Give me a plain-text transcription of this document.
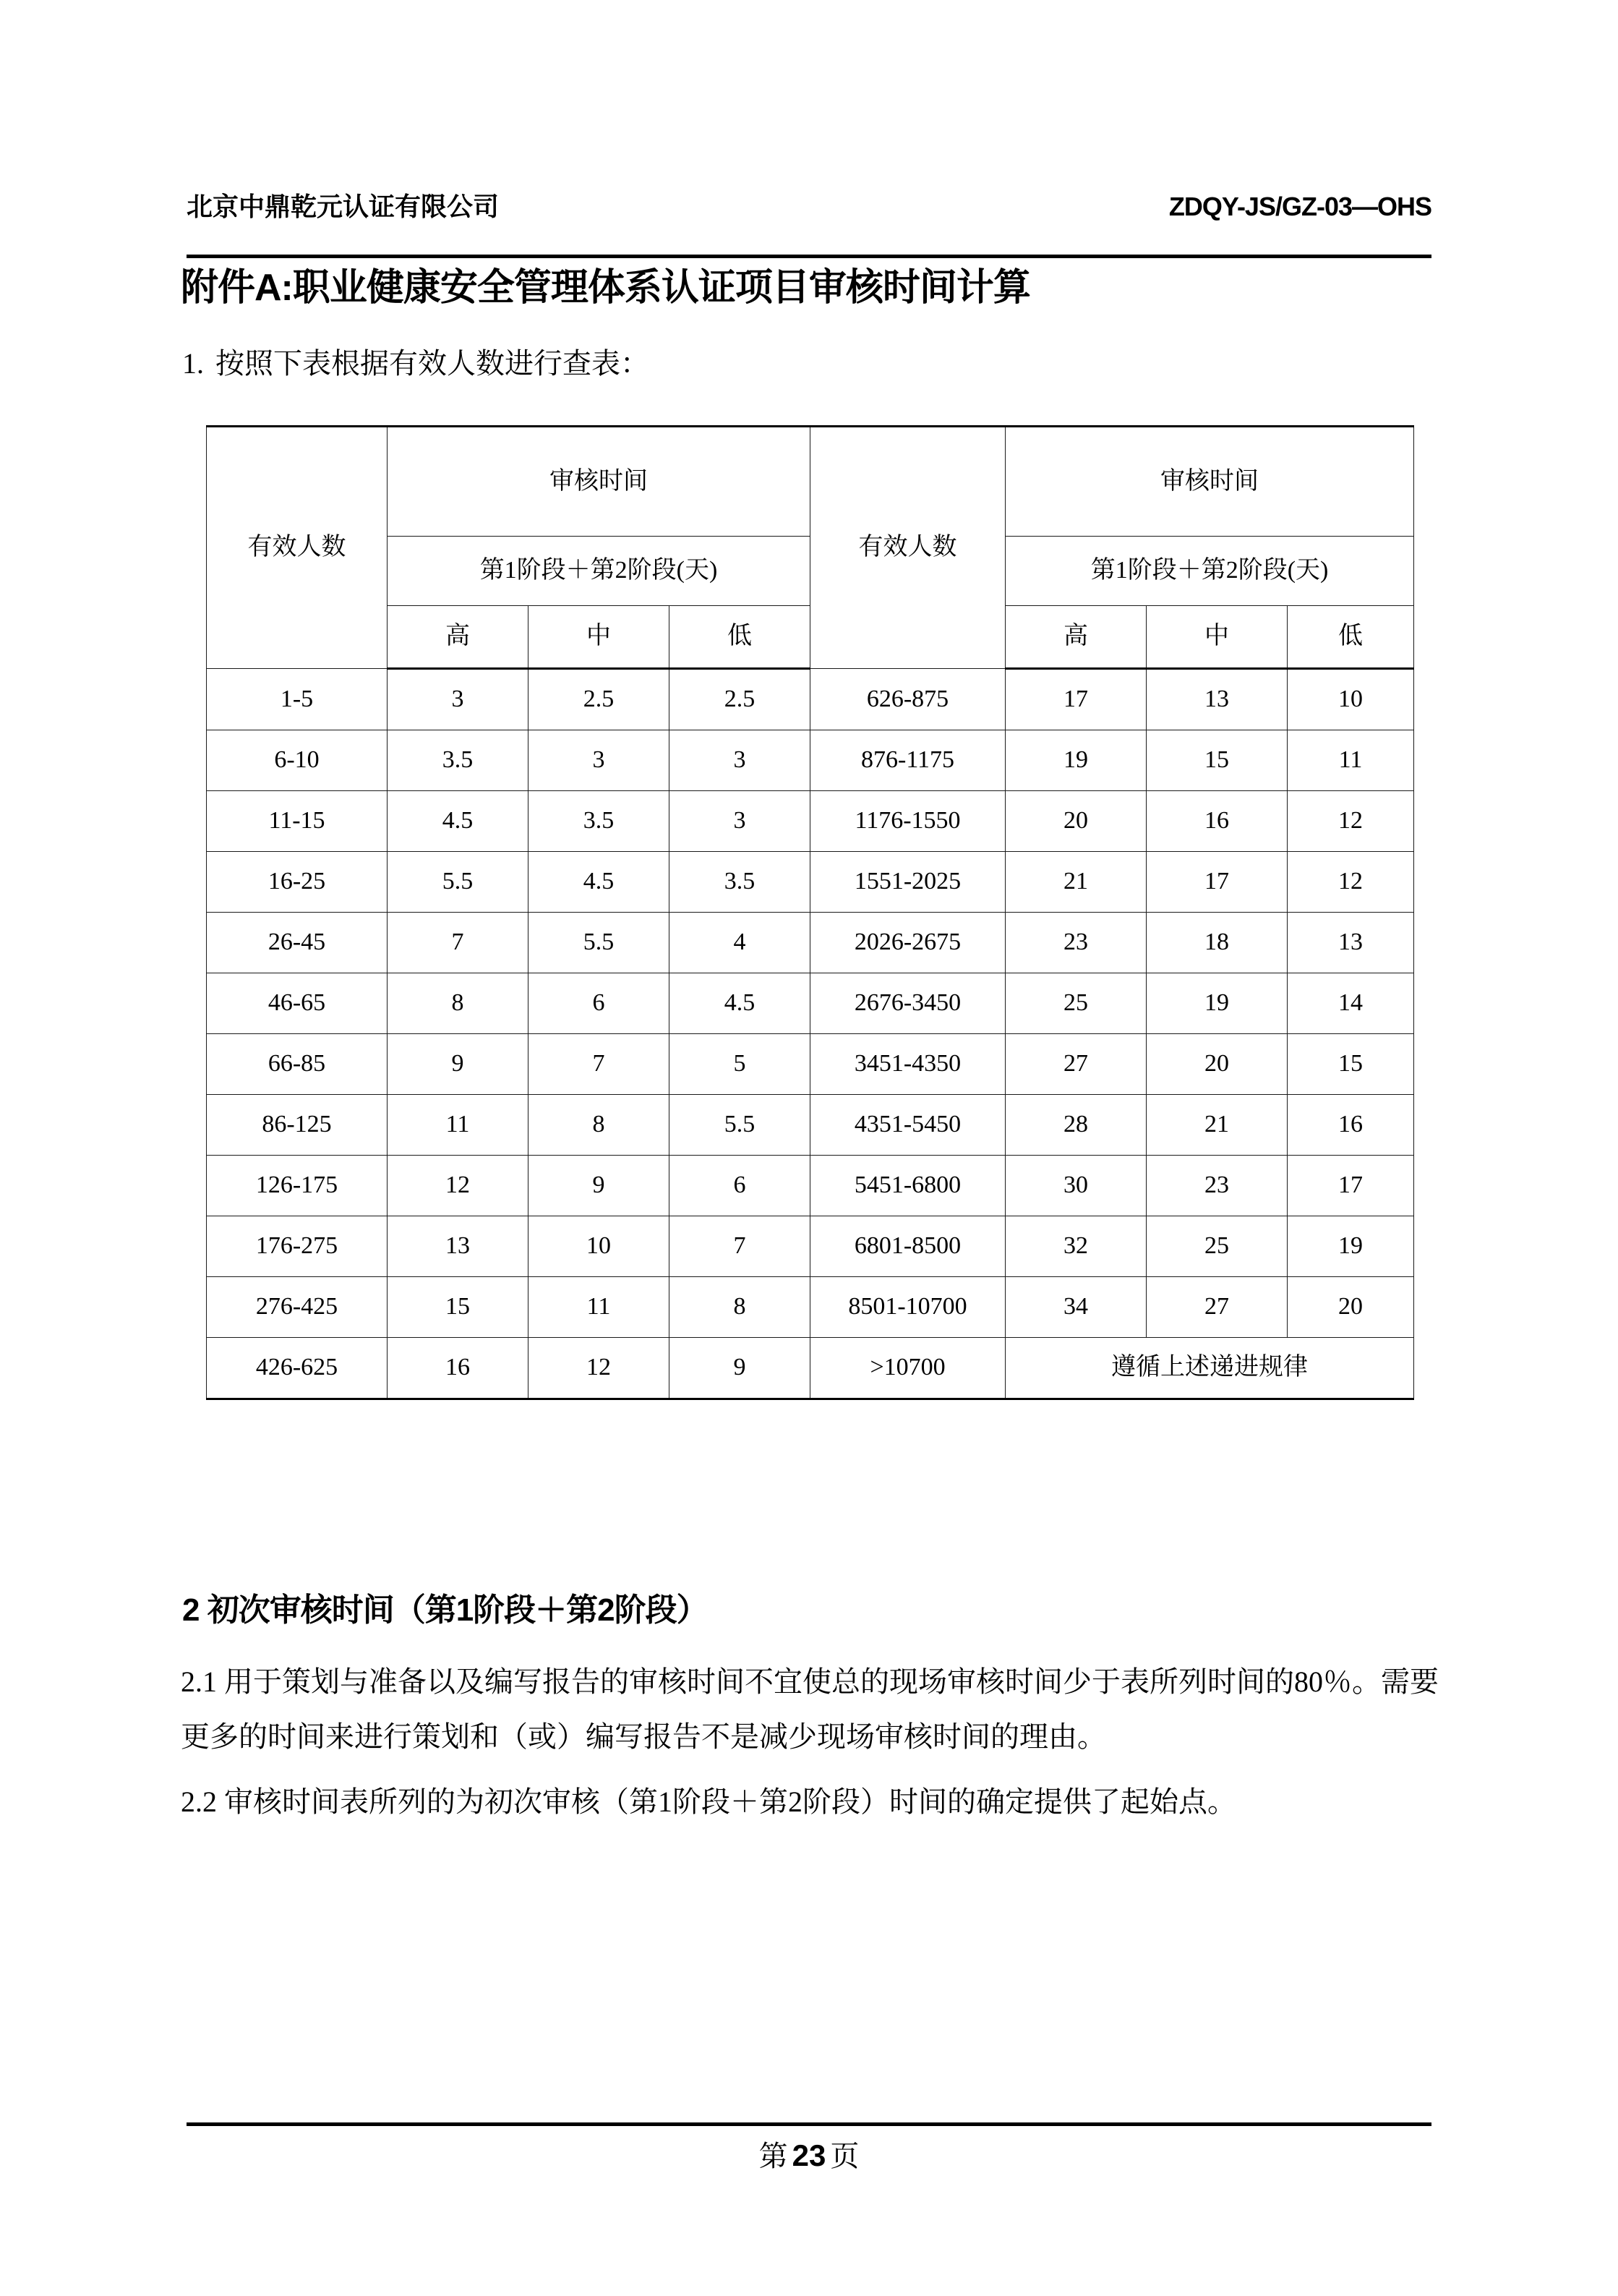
北京中鼎乾元认证有限公司	ZDQY-JS/GZ-03—OHS
附件A:职业健康安全管理体系认证项目审核时间计算
1. 按照下表根据有效人数进行查表：
有效人数	审核时间			有效人数	审核时间		
	第1阶段＋第2阶段(天)				第1阶段＋第2阶段(天)		
	高	中	低		高	中	低
1-5	3	2.5	2.5	626-875	17	13	10
6-10	3.5	3	3	876-1175	19	15	11
11-15	4.5	3.5	3	1176-1550	20	16	12
16-25	5.5	4.5	3.5	1551-2025	21	17	12
26-45	7	5.5	4	2026-2675	23	18	13
46-65	8	6	4.5	2676-3450	25	19	14
66-85	9	7	5	3451-4350	27	20	15
86-125	11	8	5.5	4351-5450	28	21	16
126-175	12	9	6	5451-6800	30	23	17
176-275	13	10	7	6801-8500	32	25	19
276-425	15	11	8	8501-10700	34	27	20
426-625	16	12	9	>10700	遵循上述递进规律		
2 初次审核时间（第1阶段＋第2阶段）

2.1 用于策划与准备以及编写报告的审核时间不宜使总的现场审核时间少于表所列时间的80％。需要更多的时间来进行策划和（或）编写报告不是减少现场审核时间的理由。

2.2 审核时间表所列的为初次审核（第1阶段＋第2阶段）时间的确定提供了起始点。

第 23 页
